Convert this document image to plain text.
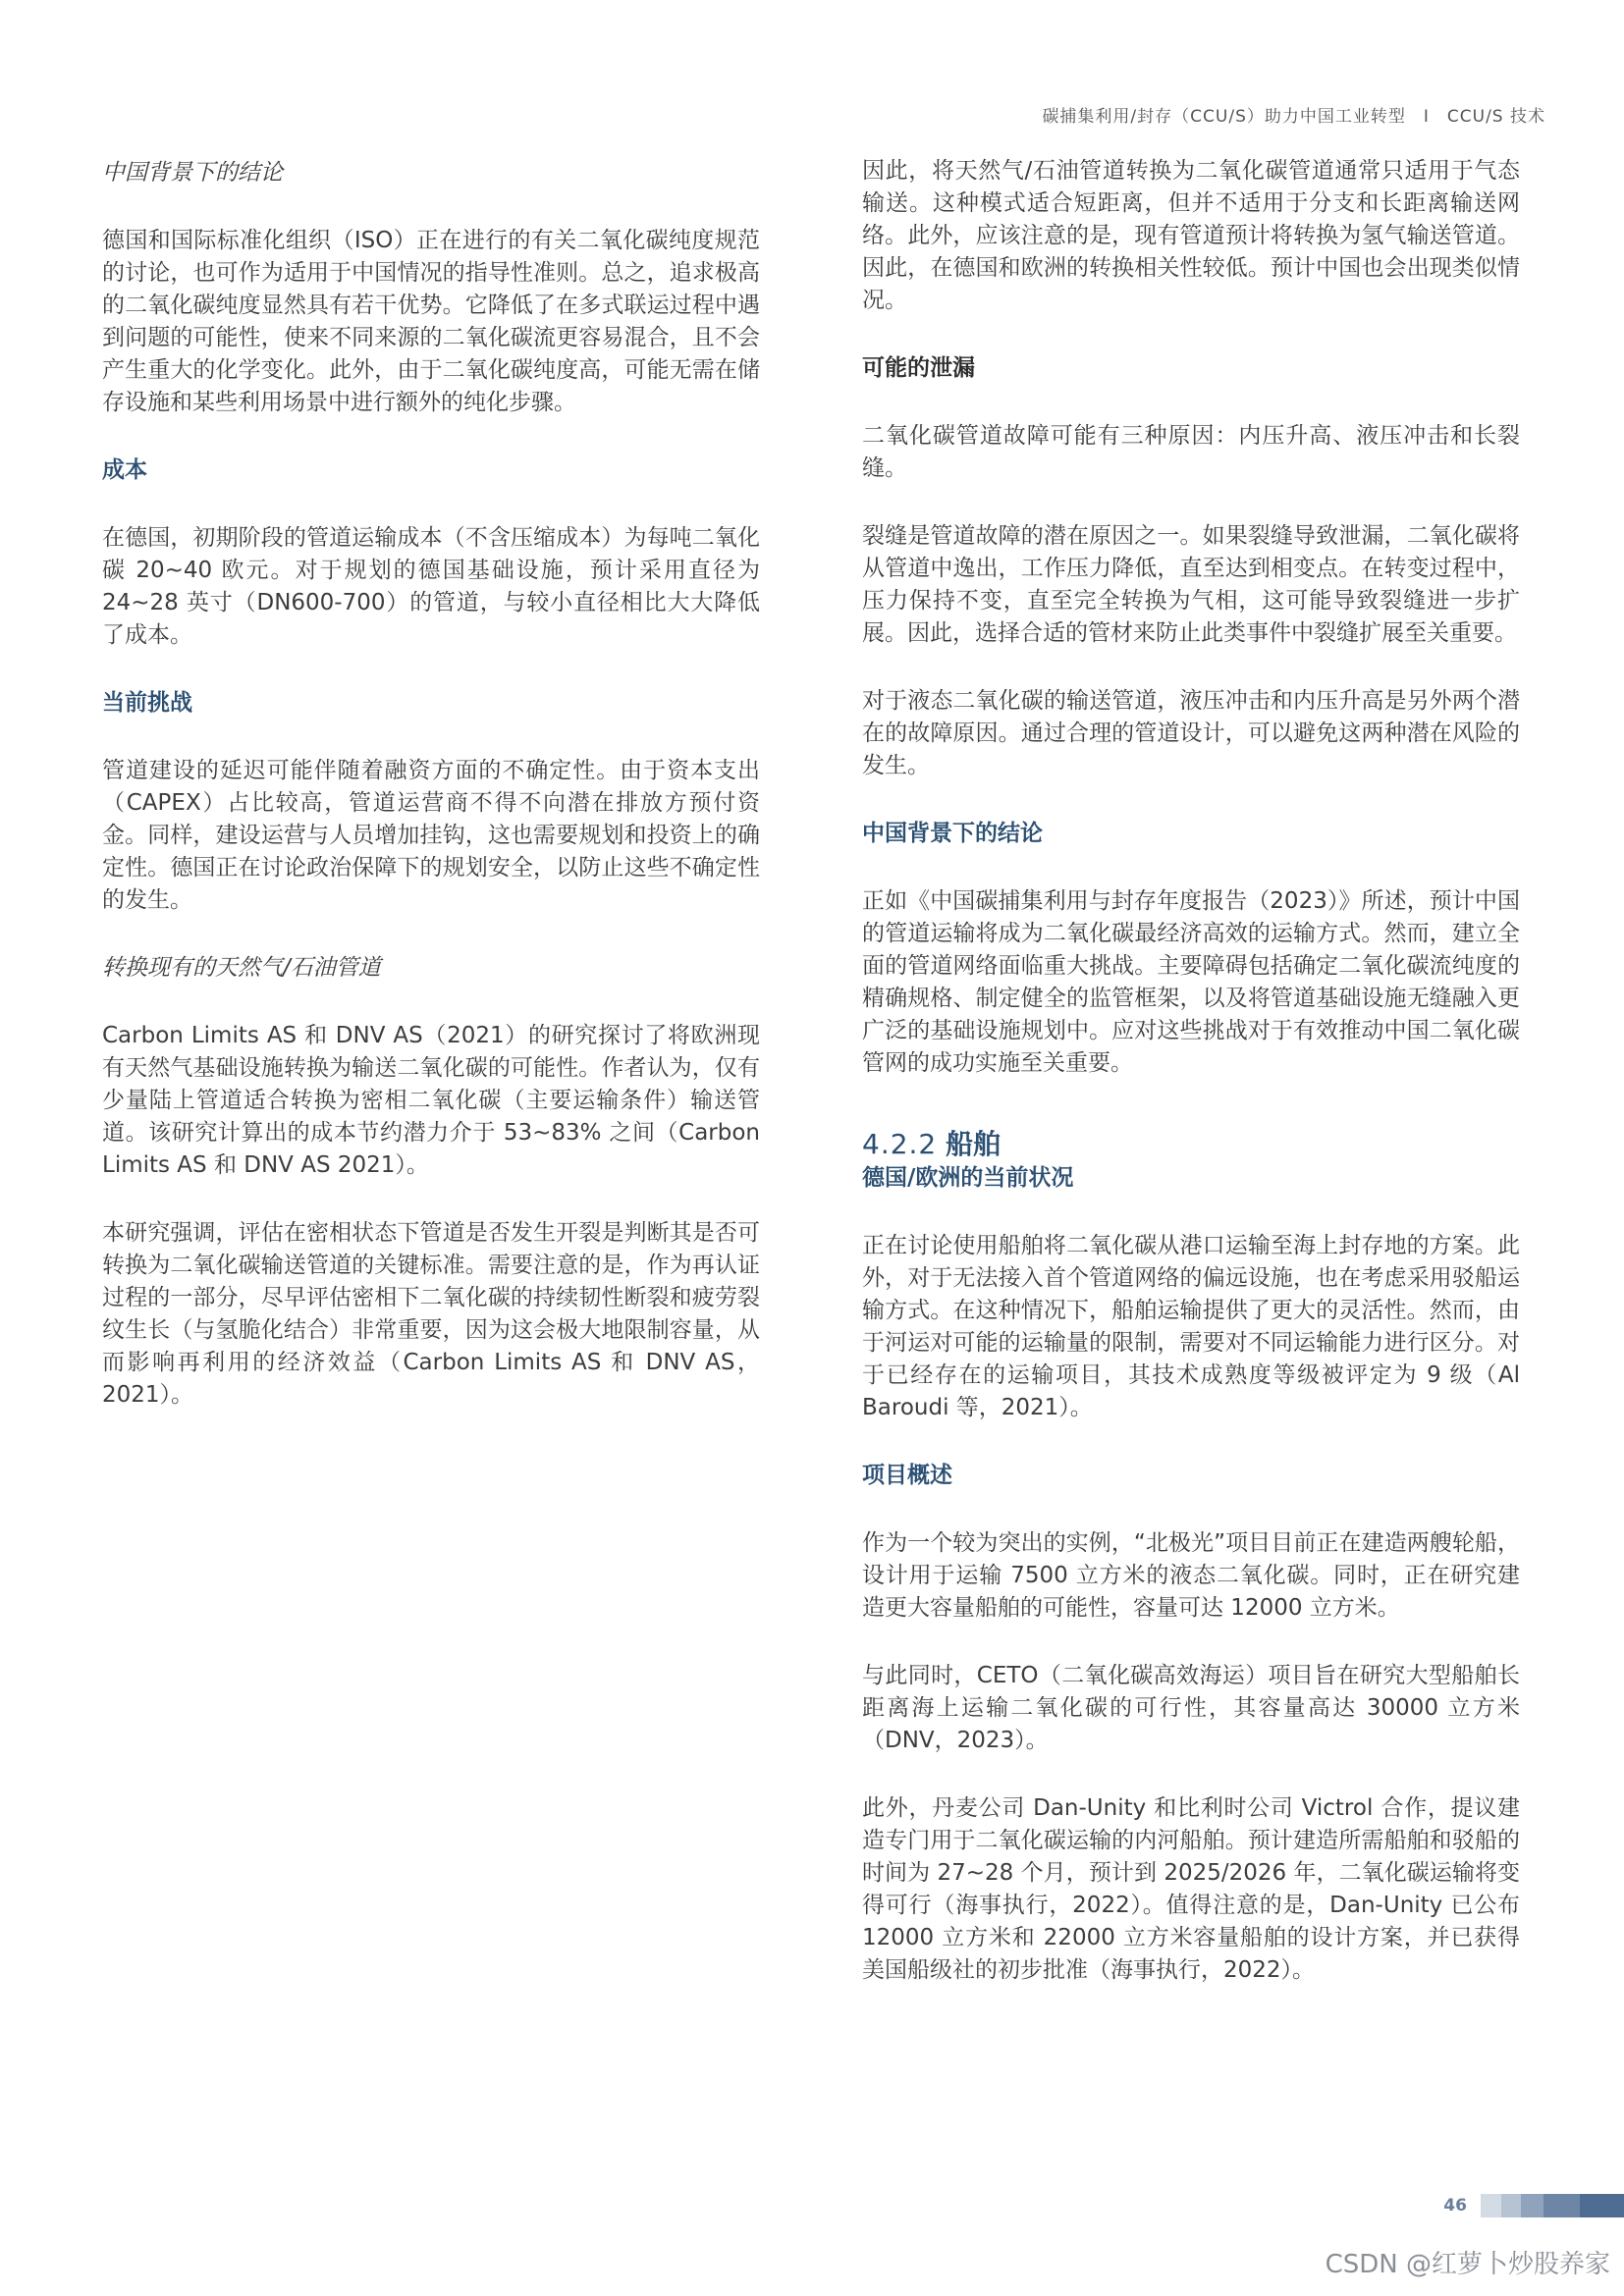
碳捕集利用/封存（CCU/S）助力中国工业转型　I　CCU/S 技术
中国背景下的结论

德国和国际标准化组织（ISO）正在进行的有关二氧化碳纯度规范的讨论，也可作为适用于中国情况的指导性准则。总之，追求极高的二氧化碳纯度显然具有若干优势。它降低了在多式联运过程中遇到问题的可能性，使来不同来源的二氧化碳流更容易混合，且不会产生重大的化学变化。此外，由于二氧化碳纯度高，可能无需在储存设施和某些利用场景中进行额外的纯化步骤。

成本

在德国，初期阶段的管道运输成本（不含压缩成本）为每吨二氧化碳 20~40 欧元。对于规划的德国基础设施，预计采用直径为 24~28 英寸（DN600-700）的管道，与较小直径相比大大降低了成本。

当前挑战

管道建设的延迟可能伴随着融资方面的不确定性。由于资本支出（CAPEX）占比较高，管道运营商不得不向潜在排放方预付资金。同样，建设运营与人员增加挂钩，这也需要规划和投资上的确定性。德国正在讨论政治保障下的规划安全，以防止这些不确定性的发生。

转换现有的天然气/石油管道

Carbon Limits AS 和 DNV AS（2021）的研究探讨了将欧洲现有天然气基础设施转换为输送二氧化碳的可能性。作者认为，仅有少量陆上管道适合转换为密相二氧化碳（主要运输条件）输送管道。该研究计算出的成本节约潜力介于 53~83% 之间（Carbon Limits AS 和 DNV AS 2021）。

本研究强调，评估在密相状态下管道是否发生开裂是判断其是否可转换为二氧化碳输送管道的关键标准。需要注意的是，作为再认证过程的一部分，尽早评估密相下二氧化碳的持续韧性断裂和疲劳裂纹生长（与氢脆化结合）非常重要，因为这会极大地限制容量，从而影响再利用的经济效益（Carbon Limits AS 和 DNV AS，2021）。

因此，将天然气/石油管道转换为二氧化碳管道通常只适用于气态输送。这种模式适合短距离，但并不适用于分支和长距离输送网络。此外，应该注意的是，现有管道预计将转换为氢气输送管道。因此，在德国和欧洲的转换相关性较低。预计中国也会出现类似情况。

可能的泄漏

二氧化碳管道故障可能有三种原因：内压升高、液压冲击和长裂缝。

裂缝是管道故障的潜在原因之一。如果裂缝导致泄漏，二氧化碳将从管道中逸出，工作压力降低，直至达到相变点。在转变过程中，压力保持不变，直至完全转换为气相，这可能导致裂缝进一步扩展。因此，选择合适的管材来防止此类事件中裂缝扩展至关重要。

对于液态二氧化碳的输送管道，液压冲击和内压升高是另外两个潜在的故障原因。通过合理的管道设计，可以避免这两种潜在风险的发生。

中国背景下的结论

正如《中国碳捕集利用与封存年度报告（2023）》所述，预计中国的管道运输将成为二氧化碳最经济高效的运输方式。然而，建立全面的管道网络面临重大挑战。主要障碍包括确定二氧化碳流纯度的精确规格、制定健全的监管框架，以及将管道基础设施无缝融入更广泛的基础设施规划中。应对这些挑战对于有效推动中国二氧化碳管网的成功实施至关重要。

4.2.2 船舶
德国/欧洲的当前状况

正在讨论使用船舶将二氧化碳从港口运输至海上封存地的方案。此外，对于无法接入首个管道网络的偏远设施，也在考虑采用驳船运输方式。在这种情况下，船舶运输提供了更大的灵活性。然而，由于河运对可能的运输量的限制，需要对不同运输能力进行区分。对于已经存在的运输项目，其技术成熟度等级被评定为 9 级（Al Baroudi 等，2021）。

项目概述

作为一个较为突出的实例，“北极光”项目目前正在建造两艘轮船，设计用于运输 7500 立方米的液态二氧化碳。同时，正在研究建造更大容量船舶的可能性，容量可达 12000 立方米。

与此同时，CETO（二氧化碳高效海运）项目旨在研究大型船舶长距离海上运输二氧化碳的可行性，其容量高达 30000 立方米（DNV，2023）。

此外，丹麦公司 Dan-Unity 和比利时公司 Victrol 合作，提议建造专门用于二氧化碳运输的内河船舶。预计建造所需船舶和驳船的时间为 27~28 个月，预计到 2025/2026 年，二氧化碳运输将变得可行（海事执行，2022）。值得注意的是，Dan-Unity 已公布 12000 立方米和 22000 立方米容量船舶的设计方案，并已获得美国船级社的初步批准（海事执行，2022）。

46
CSDN @红萝卜炒股养家
